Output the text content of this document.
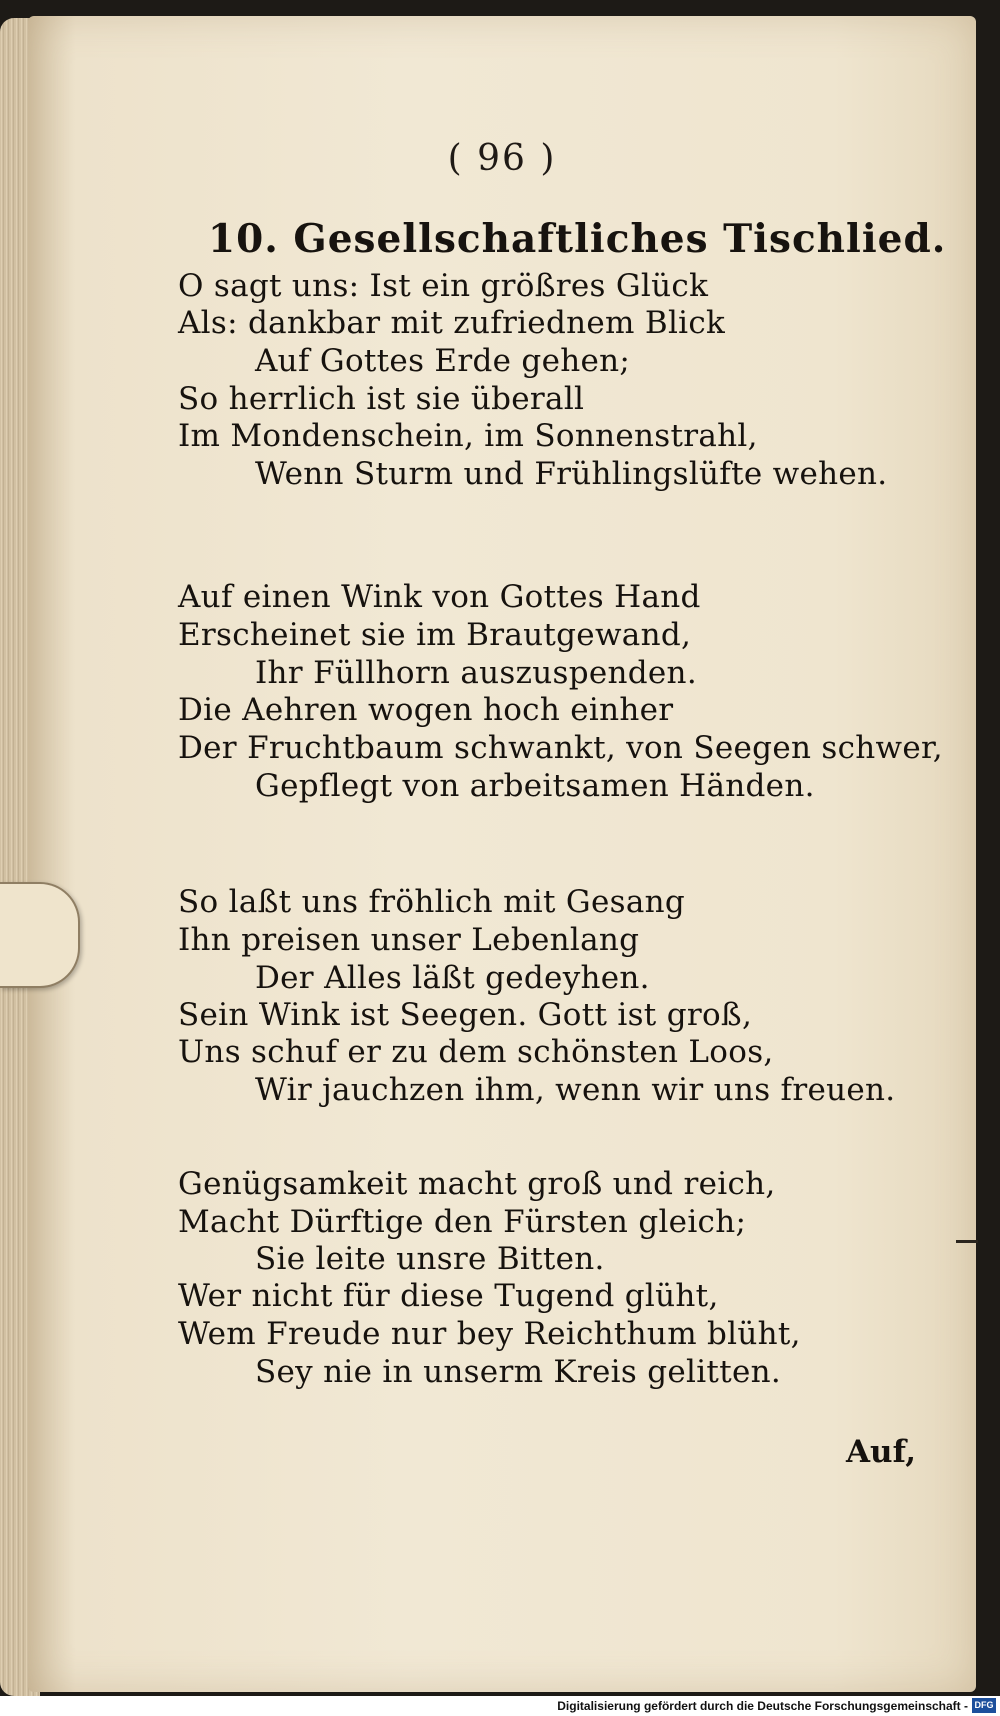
( 96 )
10. Gesellschaftliches Tischlied.
O sagt uns: Ist ein größres Glück
Als: dankbar mit zufriednem Blick
Auf Gottes Erde gehen;
So herrlich ist sie überall
Im Mondenschein, im Sonnenstrahl,
Wenn Sturm und Frühlingslüfte wehen.
Auf einen Wink von Gottes Hand
Erscheinet sie im Brautgewand,
Ihr Füllhorn auszuspenden.
Die Aehren wogen hoch einher
Der Fruchtbaum schwankt, von Seegen schwer,
Gepflegt von arbeitsamen Händen.
So laßt uns fröhlich mit Gesang
Ihn preisen unser Lebenlang
Der Alles läßt gedeyhen.
Sein Wink ist Seegen. Gott ist groß,
Uns schuf er zu dem schönsten Loos,
Wir jauchzen ihm, wenn wir uns freuen.
Genügsamkeit macht groß und reich,
Macht Dürftige den Fürsten gleich;
Sie leite unsre Bitten.
Wer nicht für diese Tugend glüht,
Wem Freude nur bey Reichthum blüht,
Sey nie in unserm Kreis gelitten.
Auf,
Digitalisierung gefördert durch die Deutsche Forschungsgemeinschaft - DFG
